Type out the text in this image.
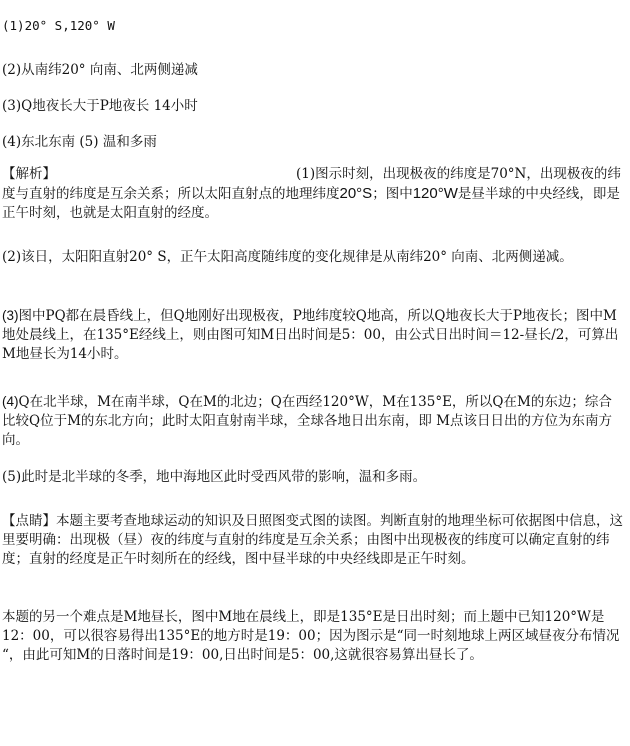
(1)20° S,120° W
(2)从南纬20° 向南、北两侧递减
(3)Q地夜长大于P地夜长 14小时
(4)东北东南 (5) 温和多雨
【解析】	(1)图示时刻，出现极夜的纬度是70°N，出现极夜的纬度与直射的纬度是互余关系；所以太阳直射点的地理纬度20°S；图中120°W是昼半球的中央经线，即是正午时刻，也就是太阳直射的经度。
(2)该日，太阳阳直射20° S，正午太阳高度随纬度的变化规律是从南纬20° 向南、北两侧递减。
(3)图中PQ都在晨昏线上，但Q地刚好出现极夜，P地纬度较Q地高，所以Q地夜长大于P地夜长；图中M地处晨线上，在135°E经线上，则由图可知M日出时间是5：00，由公式日出时间＝12-昼长/2，可算出M地昼长为14小时。
(4)Q在北半球，M在南半球，Q在M的北边；Q在西经120°W，M在135°E，所以Q在M的东边；综合比较Q位于M的东北方向；此时太阳直射南半球，全球各地日出东南，即 M点该日日出的方位为东南方向。
(5)此时是北半球的冬季，地中海地区此时受西风带的影响，温和多雨。
【点睛】本题主要考查地球运动的知识及日照图变式图的读图。判断直射的地理坐标可依据图中信息，这里要明确：出现极（昼）夜的纬度与直射的纬度是互余关系；由图中出现极夜的纬度可以确定直射的纬度；直射的经度是正午时刻所在的经线，图中昼半球的中央经线即是正午时刻。
本题的另一个难点是M地昼长，图中M地在晨线上，即是135°E是日出时刻；而上题中已知120°W是12：00，可以很容易得出135°E的地方时是19：00；因为图示是“同一时刻地球上两区域昼夜分布情况 “，由此可知M的日落时间是19：00,日出时间是5：00,这就很容易算出昼长了。
